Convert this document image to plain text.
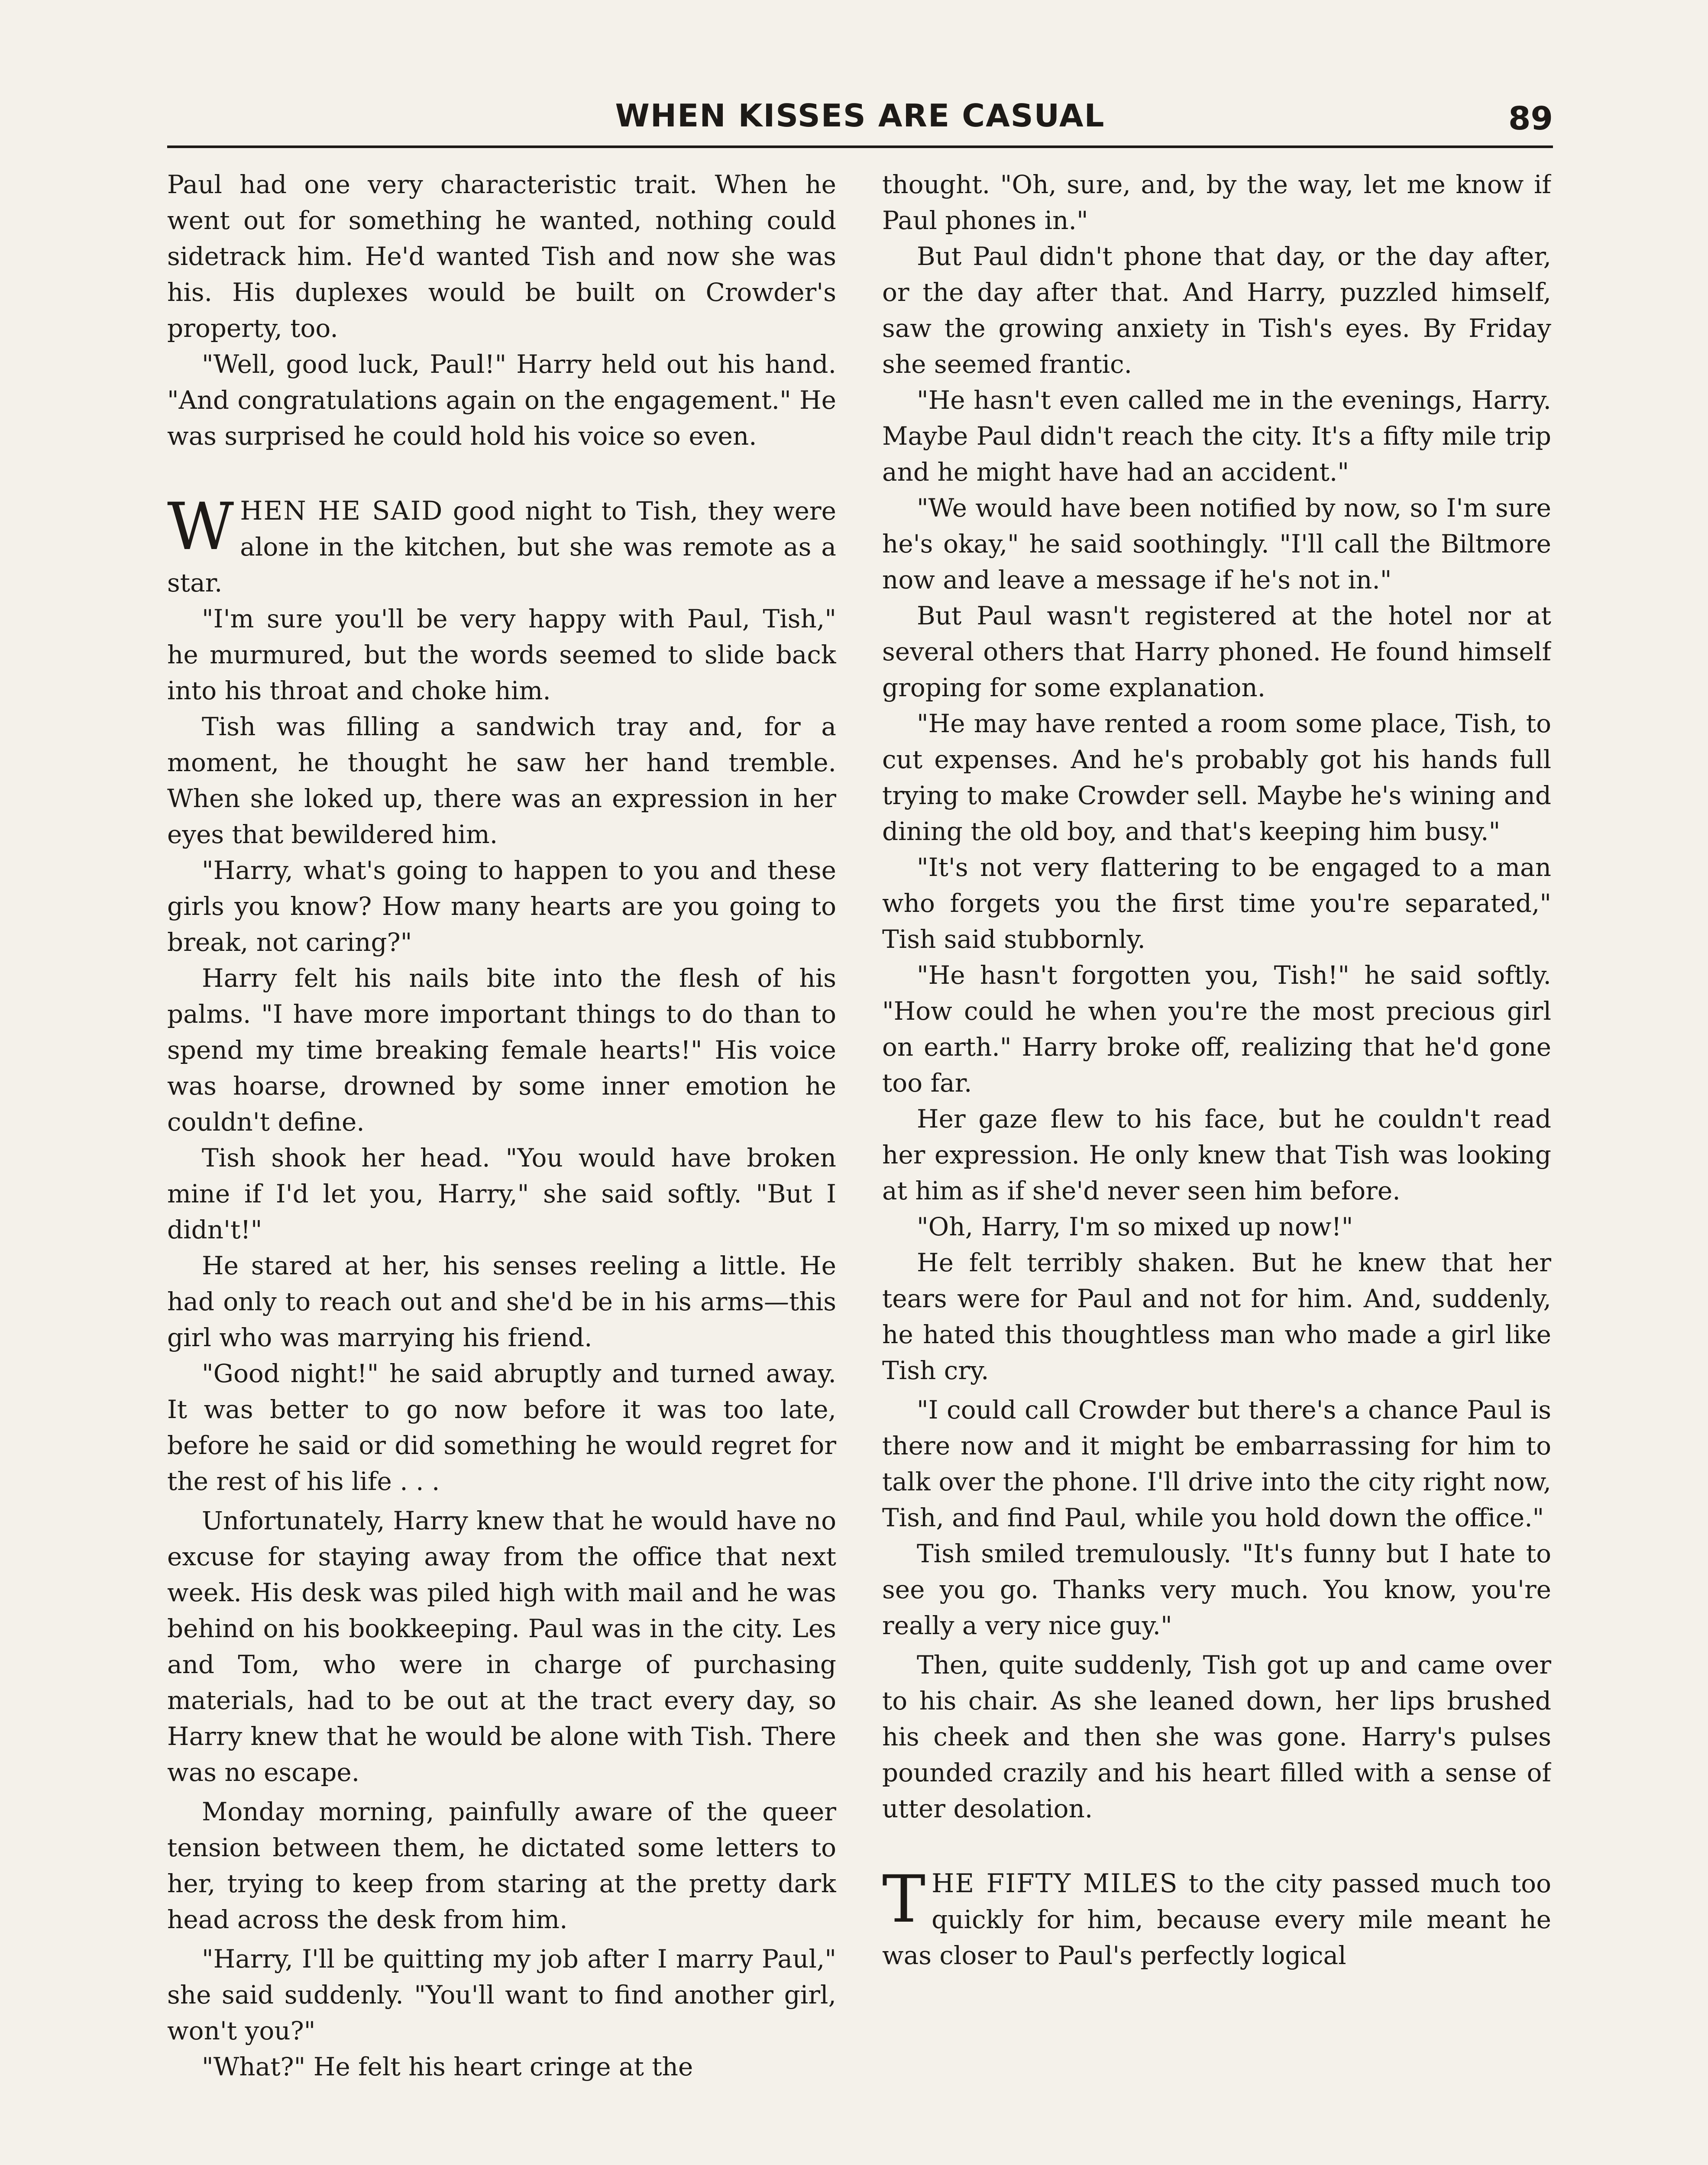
WHEN KISSES ARE CASUAL	89

Paul had one very characteristic trait. When he went out for something he wanted, nothing could sidetrack him. He'd wanted Tish and now she was his. His duplexes would be built on Crowder's property, too.

"Well, good luck, Paul!" Harry held out his hand. "And congratulations again on the engagement." He was surprised he could hold his voice so even.

WHEN HE SAID good night to Tish, they were alone in the kitchen, but she was remote as a star.

"I'm sure you'll be very happy with Paul, Tish," he murmured, but the words seemed to slide back into his throat and choke him.

Tish was filling a sandwich tray and, for a moment, he thought he saw her hand tremble. When she loked up, there was an expression in her eyes that bewildered him.

"Harry, what's going to happen to you and these girls you know? How many hearts are you going to break, not caring?"

Harry felt his nails bite into the flesh of his palms. "I have more important things to do than to spend my time breaking female hearts!" His voice was hoarse, drowned by some inner emotion he couldn't define.

Tish shook her head. "You would have broken mine if I'd let you, Harry," she said softly. "But I didn't!"

He stared at her, his senses reeling a little. He had only to reach out and she'd be in his arms—this girl who was marrying his friend.

"Good night!" he said abruptly and turned away. It was better to go now before it was too late, before he said or did something he would regret for the rest of his life . . .

Unfortunately, Harry knew that he would have no excuse for staying away from the office that next week. His desk was piled high with mail and he was behind on his bookkeeping. Paul was in the city. Les and Tom, who were in charge of purchasing materials, had to be out at the tract every day, so Harry knew that he would be alone with Tish. There was no escape.

Monday morning, painfully aware of the queer tension between them, he dictated some letters to her, trying to keep from staring at the pretty dark head across the desk from him.

"Harry, I'll be quitting my job after I marry Paul," she said suddenly. "You'll want to find another girl, won't you?"

"What?" He felt his heart cringe at the

thought. "Oh, sure, and, by the way, let me know if Paul phones in."

But Paul didn't phone that day, or the day after, or the day after that. And Harry, puzzled himself, saw the growing anxiety in Tish's eyes. By Friday she seemed frantic.

"He hasn't even called me in the evenings, Harry. Maybe Paul didn't reach the city. It's a fifty mile trip and he might have had an accident."

"We would have been notified by now, so I'm sure he's okay," he said soothingly. "I'll call the Biltmore now and leave a message if he's not in."

But Paul wasn't registered at the hotel nor at several others that Harry phoned. He found himself groping for some explanation.

"He may have rented a room some place, Tish, to cut expenses. And he's probably got his hands full trying to make Crowder sell. Maybe he's wining and dining the old boy, and that's keeping him busy."

"It's not very flattering to be engaged to a man who forgets you the first time you're separated," Tish said stubbornly.

"He hasn't forgotten you, Tish!" he said softly. "How could he when you're the most precious girl on earth." Harry broke off, realizing that he'd gone too far.

Her gaze flew to his face, but he couldn't read her expression. He only knew that Tish was looking at him as if she'd never seen him before.

"Oh, Harry, I'm so mixed up now!"

He felt terribly shaken. But he knew that her tears were for Paul and not for him. And, suddenly, he hated this thoughtless man who made a girl like Tish cry.

"I could call Crowder but there's a chance Paul is there now and it might be embarrassing for him to talk over the phone. I'll drive into the city right now, Tish, and find Paul, while you hold down the office."

Tish smiled tremulously. "It's funny but I hate to see you go. Thanks very much. You know, you're really a very nice guy."

Then, quite suddenly, Tish got up and came over to his chair. As she leaned down, her lips brushed his cheek and then she was gone. Harry's pulses pounded crazily and his heart filled with a sense of utter desolation.

THE FIFTY MILES to the city passed much too quickly for him, because every mile meant he was closer to Paul's perfectly logical
